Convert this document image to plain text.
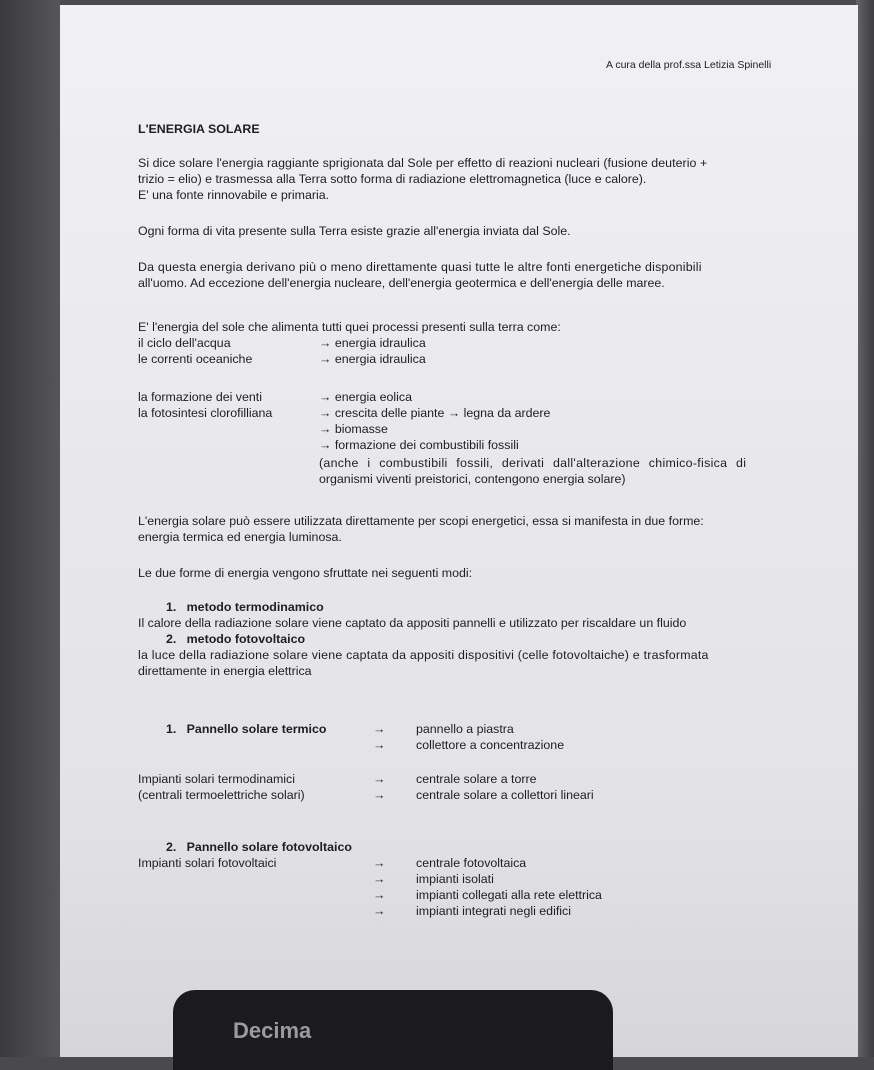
A cura della prof.ssa Letizia Spinelli
L'ENERGIA SOLARE
Si dice solare l'energia raggiante sprigionata dal Sole per effetto di reazioni nucleari (fusione deuterio +
trizio = elio) e trasmessa alla Terra sotto forma di radiazione elettromagnetica (luce e calore).
E' una fonte rinnovabile e primaria.
Ogni forma di vita presente sulla Terra esiste grazie all'energia inviata dal Sole.
Da questa energia derivano più o meno direttamente quasi tutte le altre fonti energetiche disponibili
all'uomo. Ad eccezione dell'energia nucleare, dell'energia geotermica e dell'energia delle maree.
E' l'energia del sole che alimenta tutti quei processi presenti sulla terra come:
il ciclo dell'acqua	→ energia idraulica
le correnti oceaniche	→ energia idraulica
la formazione dei venti	→ energia eolica
la fotosintesi clorofilliana	→ crescita delle piante → legna da ardere
→ biomasse
→ formazione dei combustibili fossili
(anche i combustibili fossili, derivati dall'alterazione chimico-fisica di
organismi viventi preistorici, contengono energia solare)
L'energia solare può essere utilizzata direttamente per scopi energetici, essa si manifesta in due forme:
energia termica ed energia luminosa.
Le due forme di energia vengono sfruttate nei seguenti modi:
1.   metodo termodinamico
Il calore della radiazione solare viene captato da appositi pannelli e utilizzato per riscaldare un fluido
2.   metodo fotovoltaico
la luce della radiazione solare viene captata da appositi dispositivi (celle fotovoltaiche) e trasformata
direttamente in energia elettrica
1.   Pannello solare termico	→ pannello a piastra
→ collettore a concentrazione
Impianti solari termodinamici	→ centrale solare a torre
(centrali termoelettriche solari)	→ centrale solare a collettori lineari
2.   Pannello solare fotovoltaico
Impianti solari fotovoltaici	→ centrale fotovoltaica
→ impianti isolati
→ impianti collegati alla rete elettrica
→ impianti integrati negli edifici
Decima
